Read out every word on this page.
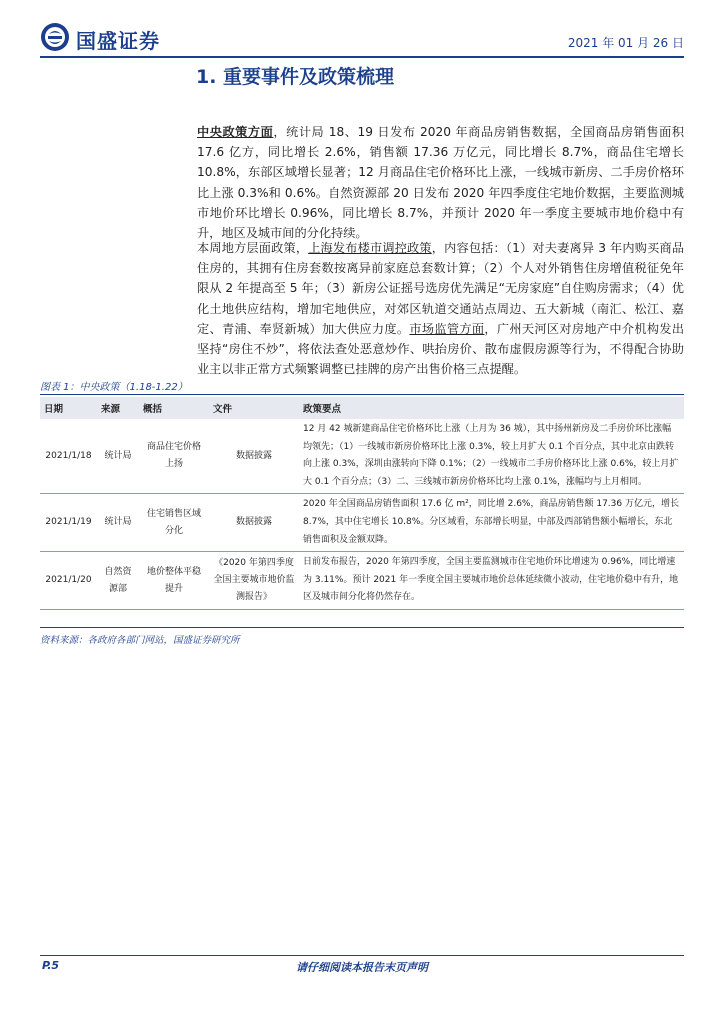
国盛证券	2021 年 01 月 26 日
1. 重要事件及政策梳理
中央政策方面，统计局 18、19 日发布 2020 年商品房销售数据，全国商品房销售面积 17.6 亿方，同比增长 2.6%，销售额 17.36 万亿元，同比增长 8.7%，商品住宅增长 10.8%，东部区域增长显著；12 月商品住宅价格环比上涨，一线城市新房、二手房价格环比上涨 0.3%和 0.6%。自然资源部 20 日发布 2020 年四季度住宅地价数据，主要监测城市地价环比增长 0.96%，同比增长 8.7%，并预计 2020 年一季度主要城市地价稳中有升，地区及城市间的分化持续。
本周地方层面政策，上海发布楼市调控政策，内容包括：（1）对夫妻离异 3 年内购买商品住房的，其拥有住房套数按离异前家庭总套数计算；（2）个人对外销售住房增值税征免年限从 2 年提高至 5 年；（3）新房公证摇号选房优先满足“无房家庭”自住购房需求；（4）优化土地供应结构，增加宅地供应，对郊区轨道交通站点周边、五大新城（南汇、松江、嘉定、青浦、奉贤新城）加大供应力度。市场监管方面，广州天河区对房地产中介机构发出坚持“房住不炒”，将依法查处恶意炒作、哄抬房价、散布虚假房源等行为，不得配合协助业主以非正常方式频繁调整已挂牌的房产出售价格三点提醒。
图表 1：中央政策（1.18-1.22）
日期	来源	概括	文件	政策要点
2021/1/18	统计局	商品住宅价格上扬	数据披露	12 月 42 城新建商品住宅价格环比上涨（上月为 36 城），其中扬州新房及二手房价环比涨幅均领先；（1）一线城市新房价格环比上涨 0.3%，较上月扩大 0.1 个百分点，其中北京由跌转向上涨 0.3%，深圳由涨转向下降 0.1%；（2）一线城市二手房价格环比上涨 0.6%，较上月扩大 0.1 个百分点；（3）二、三线城市新房价格环比均上涨 0.1%，涨幅均与上月相同。
2021/1/19	统计局	住宅销售区域分化	数据披露	2020 年全国商品房销售面积 17.6 亿 m²，同比增 2.6%，商品房销售额 17.36 万亿元，增长 8.7%，其中住宅增长 10.8%。分区域看，东部增长明显，中部及西部销售额小幅增长，东北销售面积及金额双降。
2021/1/20	自然资源部	地价整体平稳提升	《2020 年第四季度全国主要城市地价监测报告》	日前发布报告，2020 年第四季度，全国主要监测城市住宅地价环比增速为 0.96%，同比增速为 3.11%。预计 2021 年一季度全国主要城市地价总体延续微小波动，住宅地价稳中有升，地区及城市间分化将仍然存在。
资料来源：各政府各部门网站，国盛证券研究所
P.5	请仔细阅读本报告末页声明
